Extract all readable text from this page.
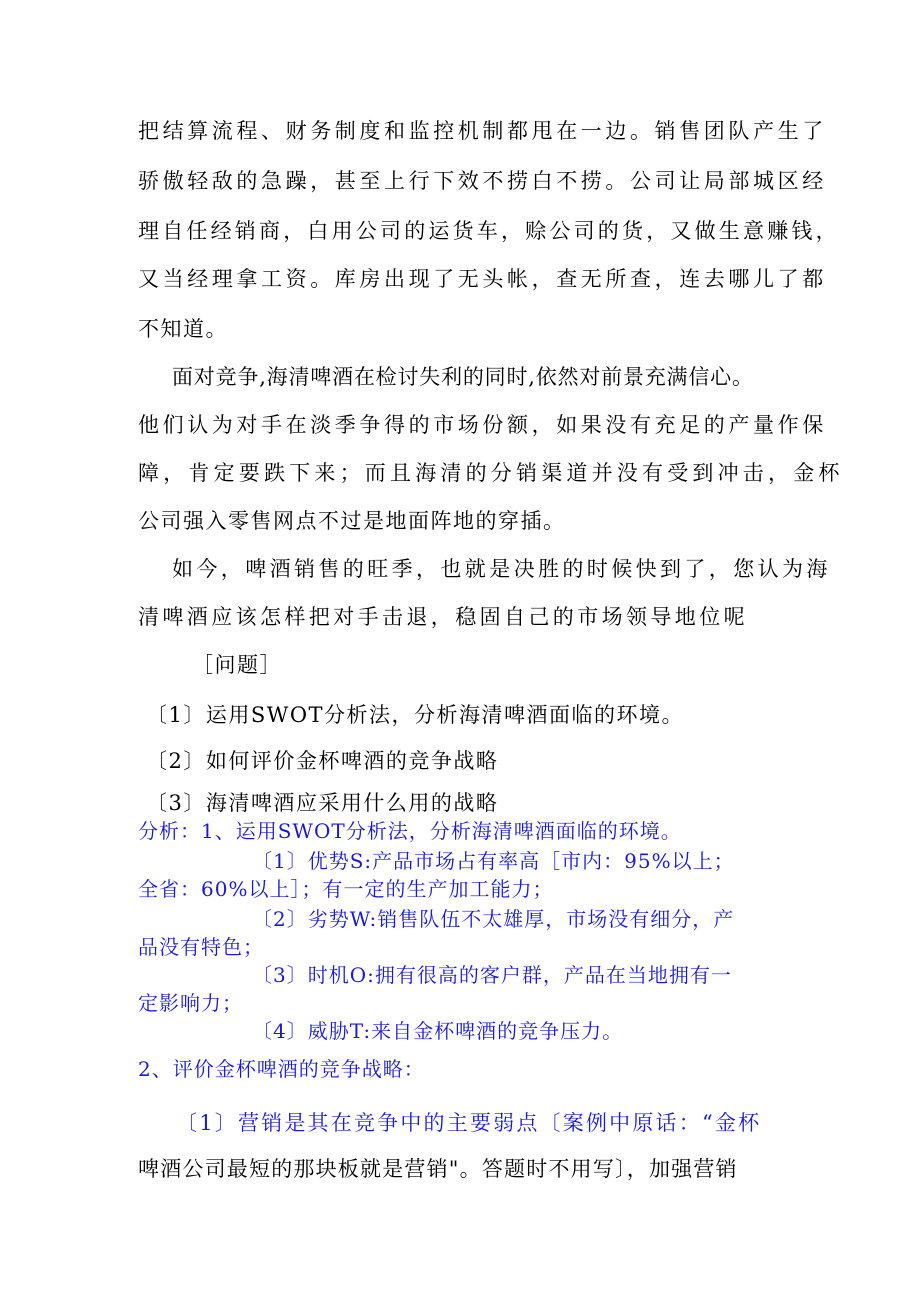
把结算流程、财务制度和监控机制都甩在一边。销售团队产生了
骄傲轻敌的急躁，甚至上行下效不捞白不捞。公司让局部城区经
理自任经销商，白用公司的运货车，赊公司的货，又做生意赚钱，
又当经理拿工资。库房出现了无头帐，查无所查，连去哪儿了都
不知道。
面对竞争,海清啤酒在检讨失利的同时,依然对前景充满信心。
他们认为对手在淡季争得的市场份额，如果没有充足的产量作保
障，肯定要跌下来；而且海清的分销渠道并没有受到冲击，金杯
公司强入零售网点不过是地面阵地的穿插。
如今，啤酒销售的旺季，也就是决胜的时候快到了，您认为海
清啤酒应该怎样把对手击退，稳固自己的市场领导地位呢
［问题］
〔1〕运用SWOT分析法，分析海清啤酒面临的环境。
〔2〕如何评价金杯啤酒的竞争战略
〔3〕海清啤酒应采用什么用的战略
分析：1、运用SWOT分析法，分析海清啤酒面临的环境。
〔1〕优势S:产品市场占有率高［市内：95%以上；
全省：60%以上］；有一定的生产加工能力；
〔2〕劣势W:销售队伍不太雄厚，市场没有细分，产
品没有特色；
〔3〕时机O:拥有很高的客户群，产品在当地拥有一
定影响力；
〔4〕威胁T:来自金杯啤酒的竞争压力。
2、评价金杯啤酒的竞争战略：
〔1〕营销是其在竞争中的主要弱点〔案例中原话：“金杯
啤酒公司最短的那块板就是营销"。答题时不用写〕，加强营销
